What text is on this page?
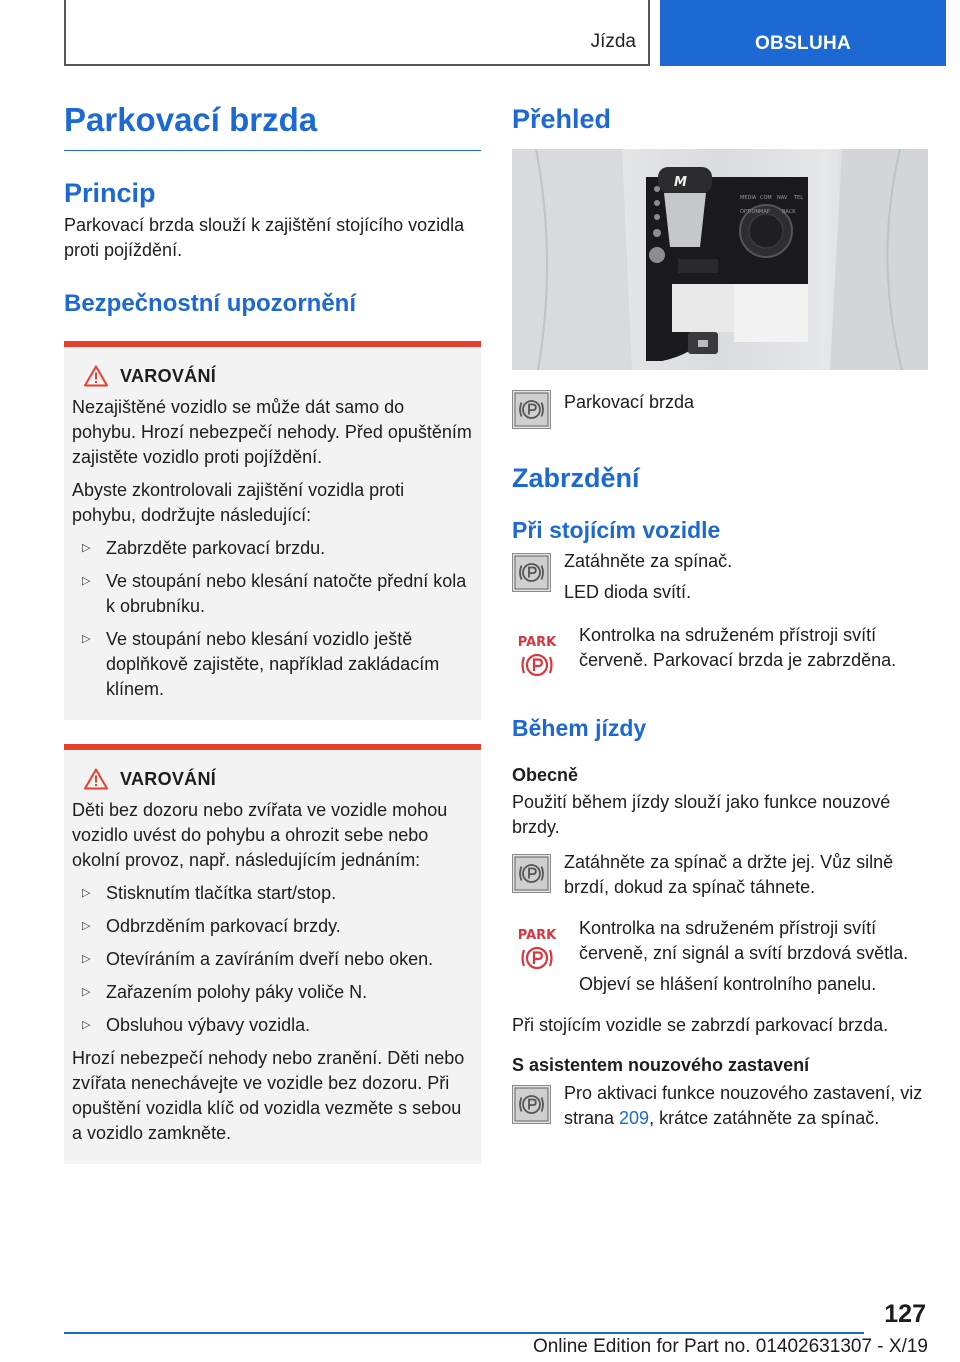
Jízda	OBSLUHA
Parkovací brzda
Princip

Parkovací brzda slouží k zajištění stojícího vozidla proti pojíždění.

Bezpečnostní upozornění
VAROVÁNÍ

Nezajištěné vozidlo se může dát samo do pohybu. Hrozí nebezpečí nehody. Před opuštěním zajistěte vozidlo proti pojíždění.

Abyste zkontrolovali zajištění vozidla proti pohybu, dodržujte následující:

▷ Zabrzděte parkovací brzdu.
▷ Ve stoupání nebo klesání natočte přední kola k obrubníku.
▷ Ve stoupání nebo klesání vozidlo ještě doplňkově zajistěte, například zakládacím klínem.
VAROVÁNÍ

Děti bez dozoru nebo zvířata ve vozidle mohou vozidlo uvést do pohybu a ohrozit sebe nebo okolní provoz, např. následujícím jednáním:

▷ Stisknutím tlačítka start/stop.
▷ Odbrzděním parkovací brzdy.
▷ Otevíráním a zavíráním dveří nebo oken.
▷ Zařazením polohy páky voliče N.
▷ Obsluhou výbavy vozidla.

Hrozí nebezpečí nehody nebo zranění. Děti nebo zvířata nenechávejte ve vozidle bez dozoru. Při opuštění vozidla klíč od vozidla vezměte s sebou a vozidlo zamkněte.

Přehled
M
MEDIA COM NAV
OPTION MAP BACK
TEL

Parkovací brzda

Zabrzdění
Při stojícím vozidle

Zatáhněte za spínač.

LED dioda svítí.

PARK Kontrolka na sdruženém přístroji svítí červeně. Parkovací brzda je zabrzděna.

Během jízdy
Obecně

Použití během jízdy slouží jako funkce nouzové brzdy.

Zatáhněte za spínač a držte jej. Vůz silně brzdí, dokud za spínač táhnete.

PARK Kontrolka na sdruženém přístroji svítí červeně, zní signál a svítí brzdová světla.

Objeví se hlášení kontrolního panelu.

Při stojícím vozidle se zabrzdí parkovací brzda.

S asistentem nouzového zastavení

Pro aktivaci funkce nouzového zastavení, viz strana 209, krátce zatáhněte za spínač.

127
Online Edition for Part no. 01402631307 - X/19
